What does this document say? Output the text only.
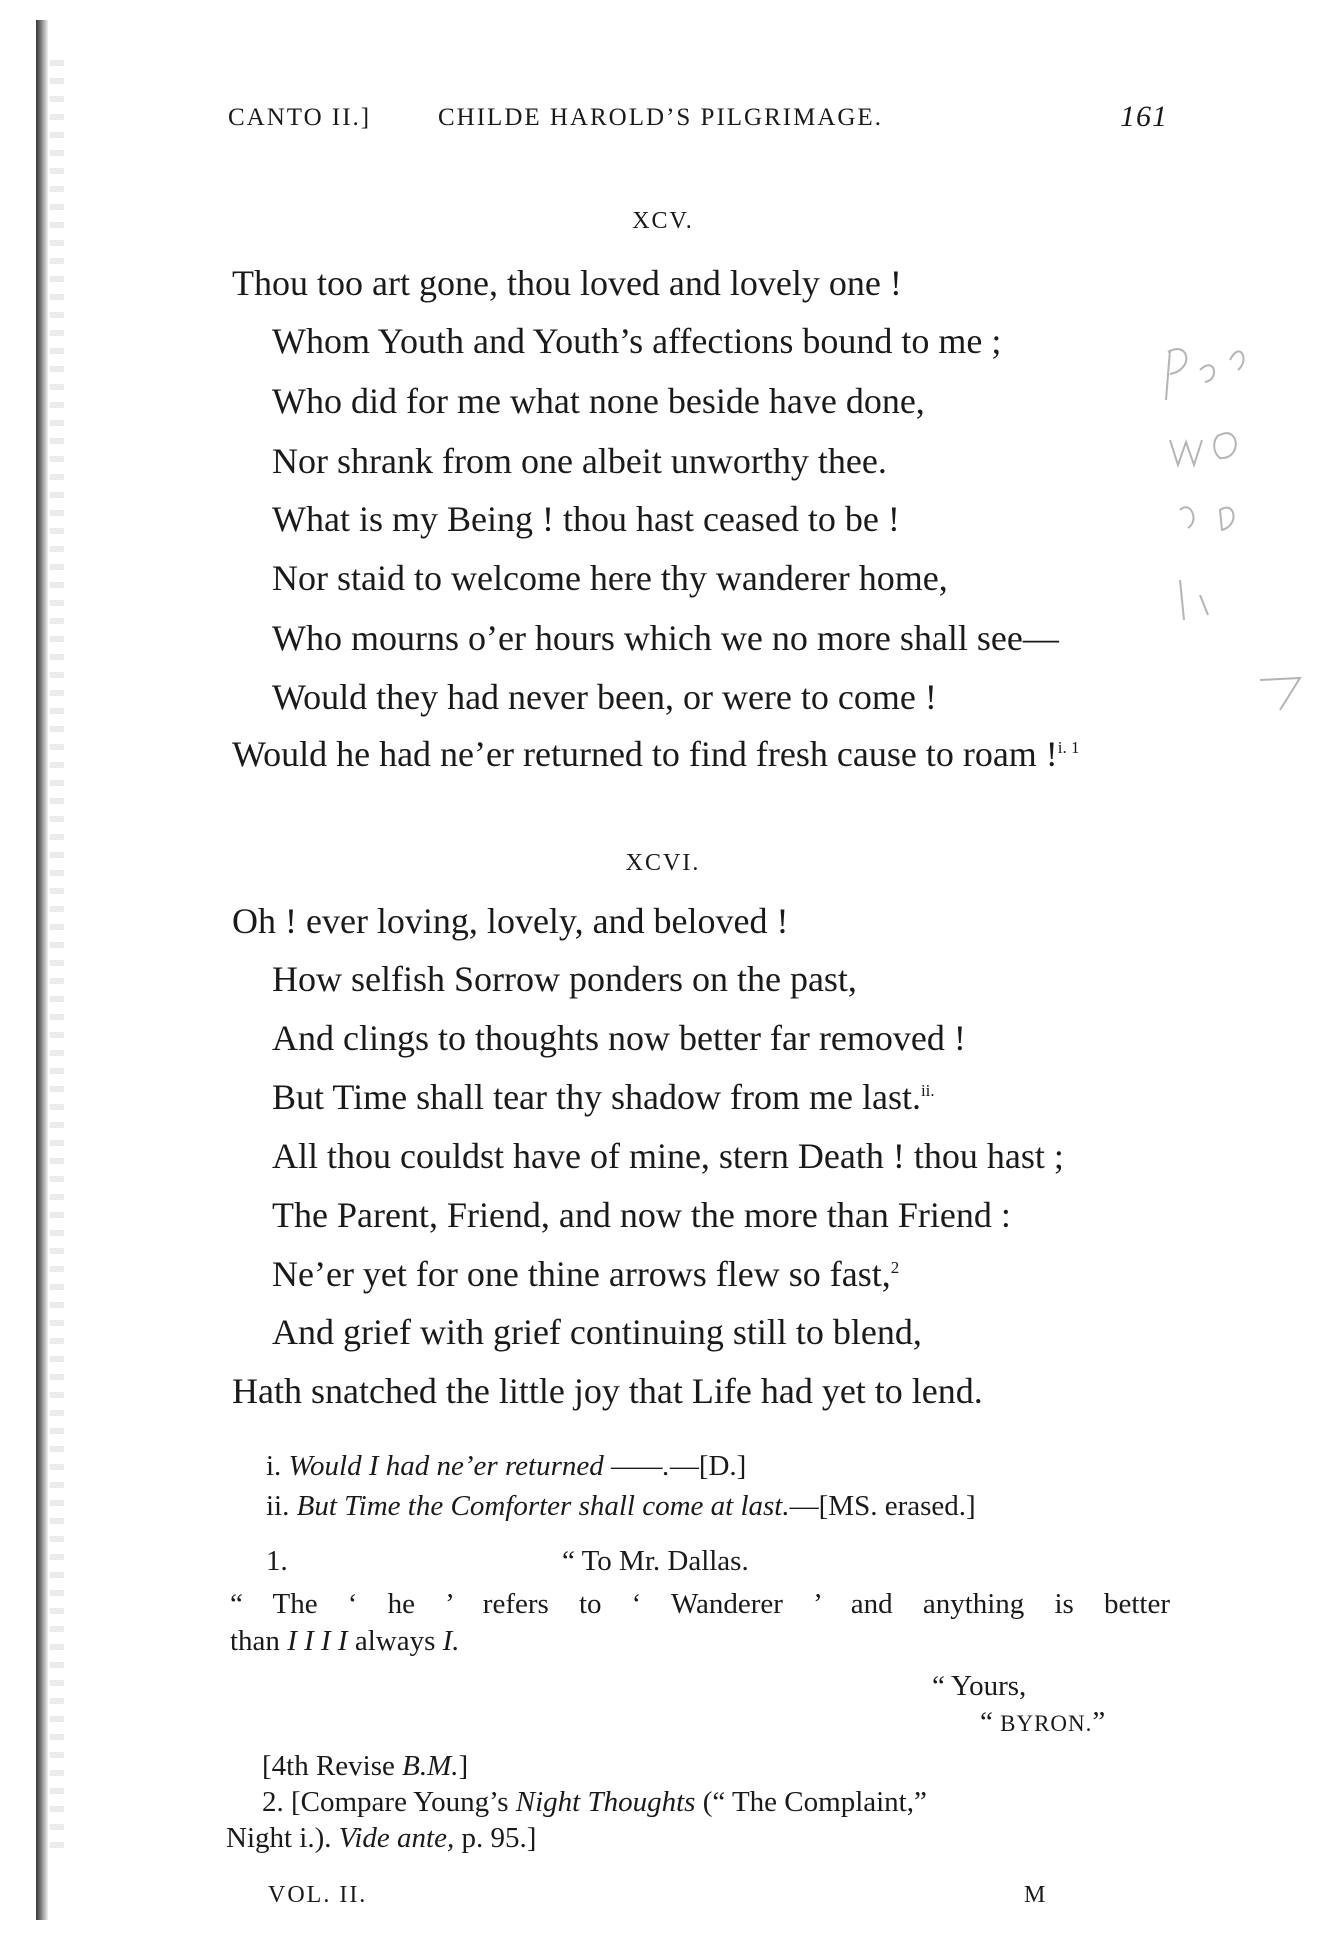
CANTO II.]	CHILDE HAROLD’S PILGRIMAGE.	161
XCV.
Thou too art gone, thou loved and lovely one !
Whom Youth and Youth’s affections bound to me ;
Who did for me what none beside have done,
Nor shrank from one albeit unworthy thee.
What is my Being ! thou hast ceased to be !
Nor staid to welcome here thy wanderer home,
Who mourns o’er hours which we no more shall see—
Would they had never been, or were to come !
Would he had ne’er returned to find fresh cause to roam !$^{i. 1}$
XCVI.
Oh ! ever loving, lovely, and beloved !
How selfish Sorrow ponders on the past,
And clings to thoughts now better far removed !
But Time shall tear thy shadow from me last.$^{ii.}$
All thou couldst have of mine, stern Death ! thou hast ;
The Parent, Friend, and now the more than Friend :
Ne’er yet for one thine arrows flew so fast,$^2$
And grief with grief continuing still to blend,
Hath snatched the little joy that Life had yet to lend.
i. Would I had ne’er returned ——.—[D.]
ii. But Time the Comforter shall come at last.—[MS. erased.]
1.	“ To Mr. Dallas.
“ The ‘ he ’ refers to ‘ Wanderer ’ and anything is better
than I I I I always I.
“ Yours,
“ BYRON.”
[4th Revise B.M.]
2. [Compare Young’s Night Thoughts (“ The Complaint,”
Night i.). Vide ante, p. 95.]
VOL. II.	M
